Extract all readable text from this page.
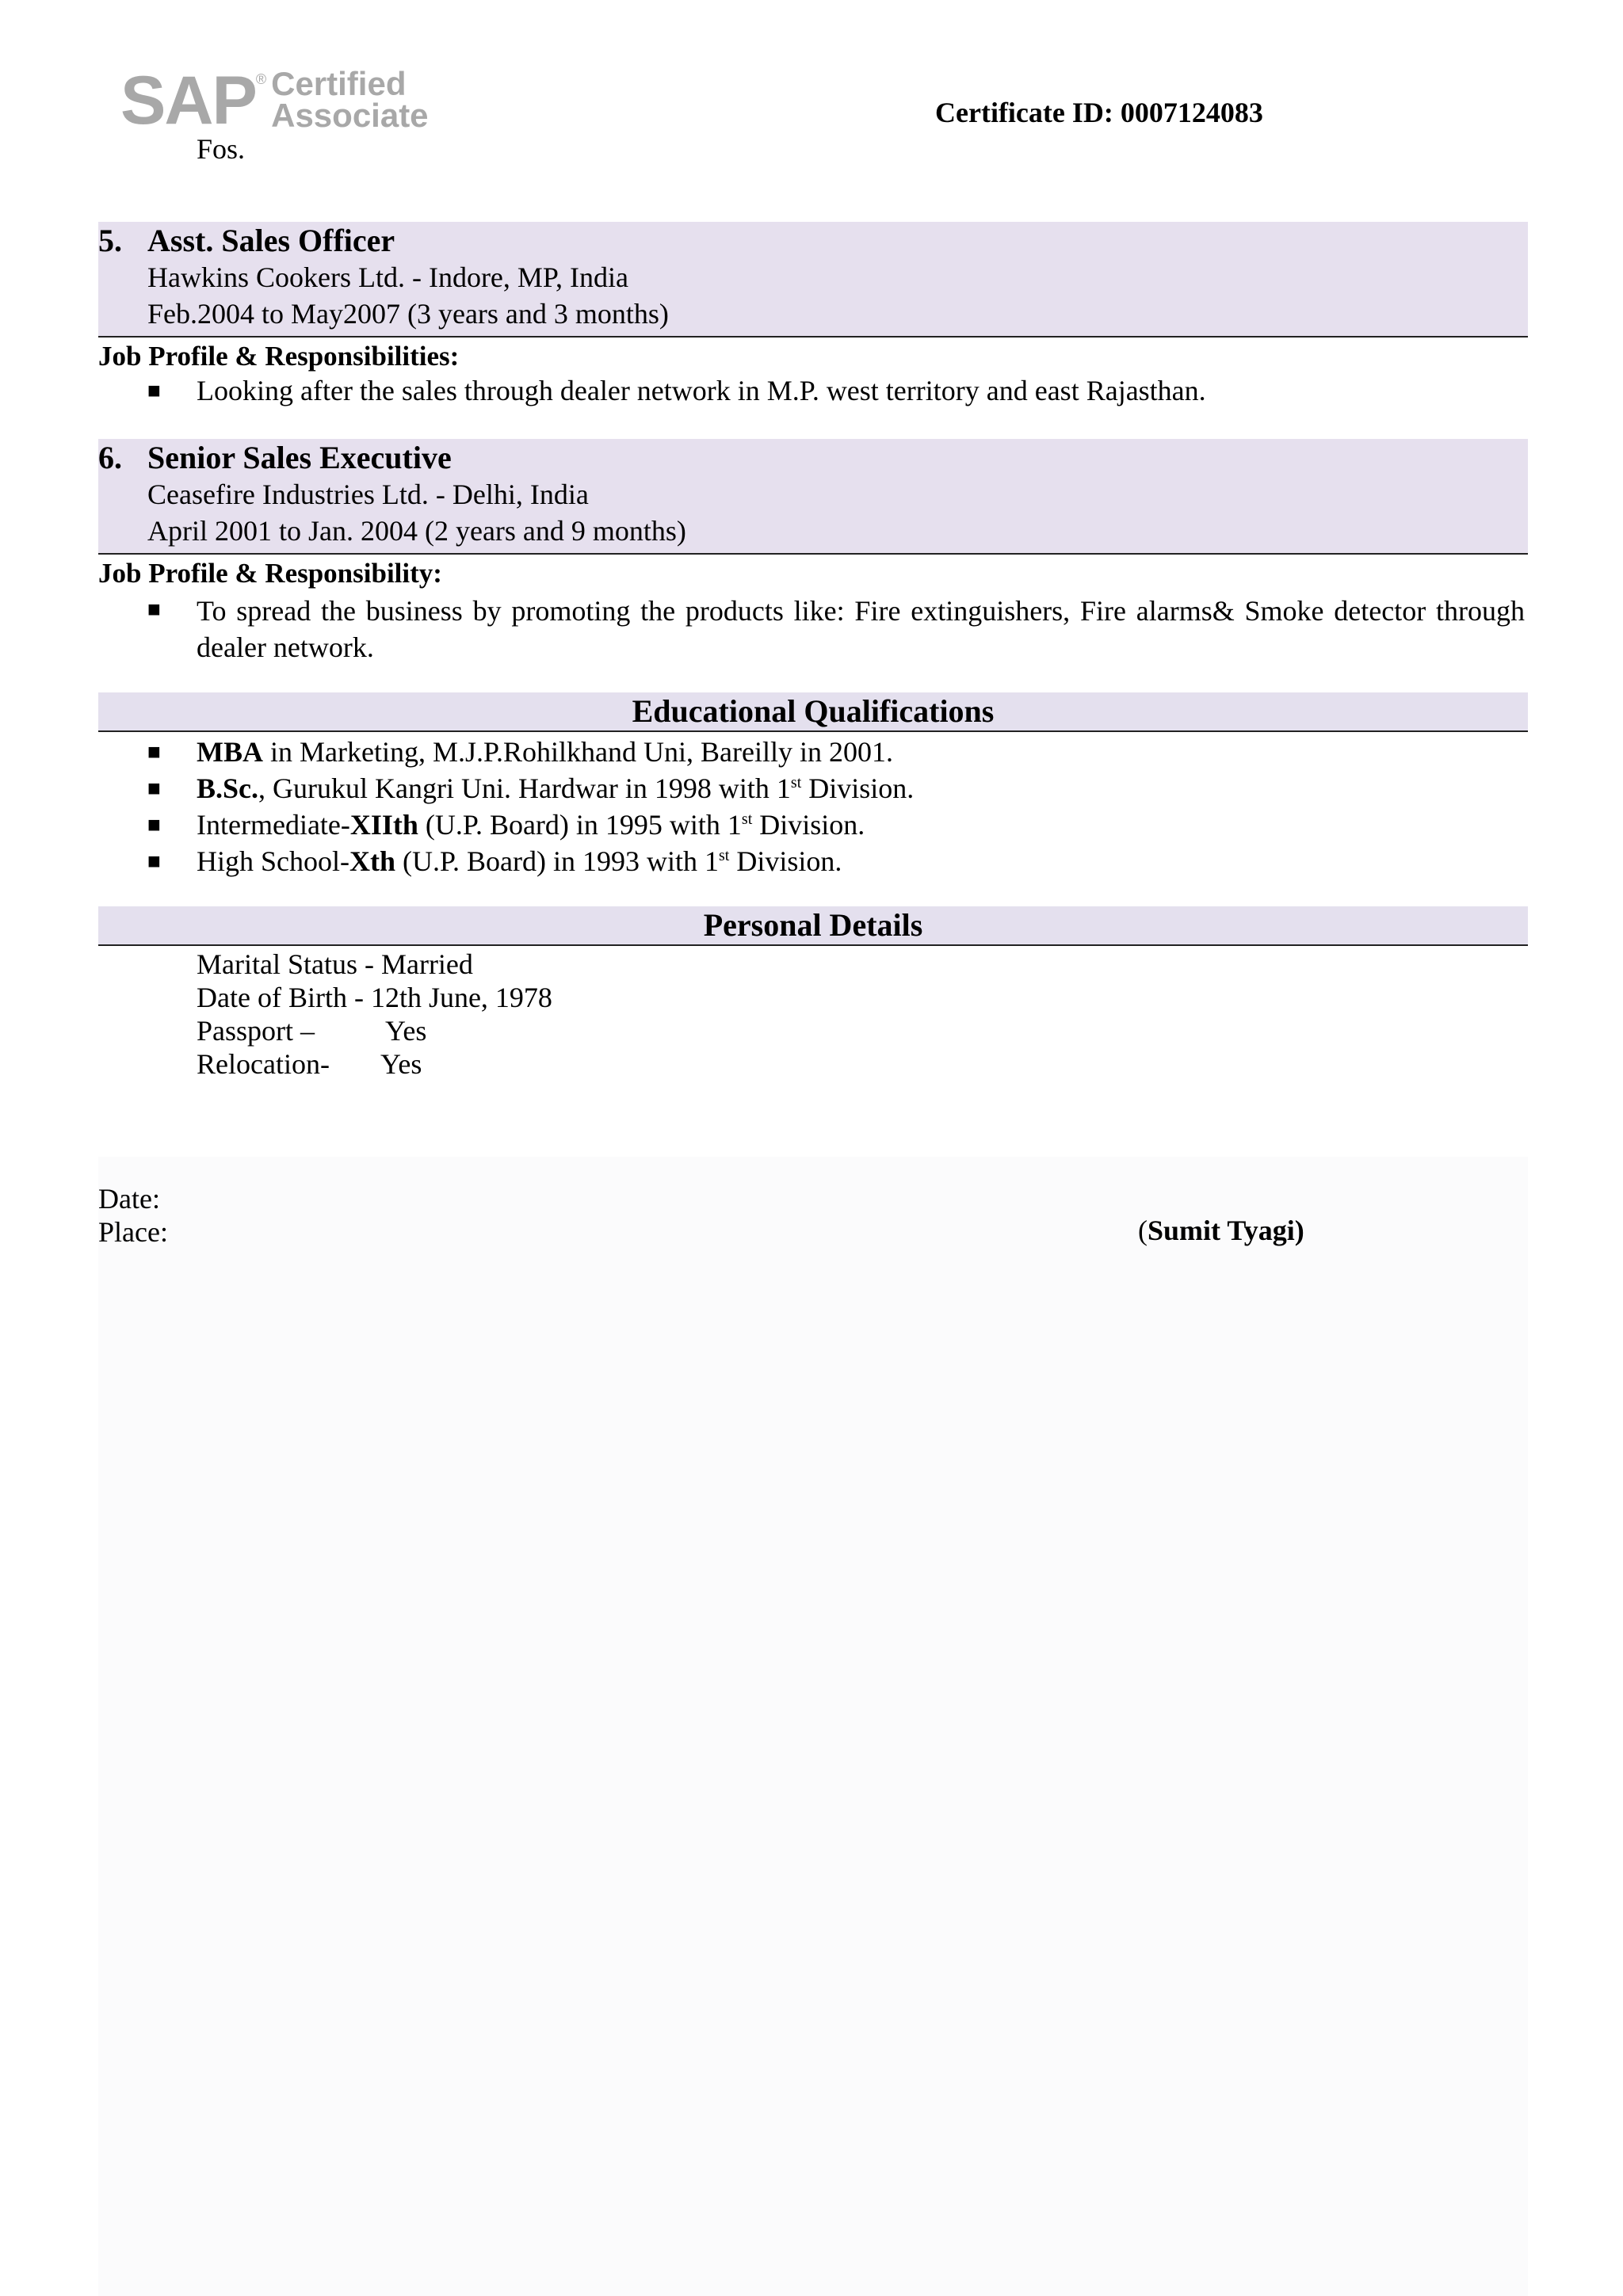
SAP ® Certified
Associate	Certificate ID: 0007124083
Fos.
5. Asst. Sales Officer
Hawkins Cookers Ltd. - Indore, MP, India
Feb.2004 to May2007 (3 years and 3 months)
Job Profile & Responsibilities:
■ Looking after the sales through dealer network in M.P. west territory and east Rajasthan.
6. Senior Sales Executive
Ceasefire Industries Ltd. - Delhi, India
April 2001 to Jan. 2004 (2 years and 9 months)
Job Profile & Responsibility:
■ To spread the business by promoting the products like: Fire extinguishers, Fire alarms& Smoke detector through dealer network.
Educational Qualifications
■ MBA in Marketing, M.J.P.Rohilkhand Uni, Bareilly in 2001.
■ B.Sc., Gurukul Kangri Uni. Hardwar in 1998 with 1st Division.
■ Intermediate-XIIth (U.P. Board) in 1995 with 1st Division.
■ High School-Xth (U.P. Board) in 1993 with 1st Division.
Personal Details
Marital Status - Married
Date of Birth - 12th June, 1978
Passport – Yes
Relocation- Yes
Date:
Place:	(Sumit Tyagi)
